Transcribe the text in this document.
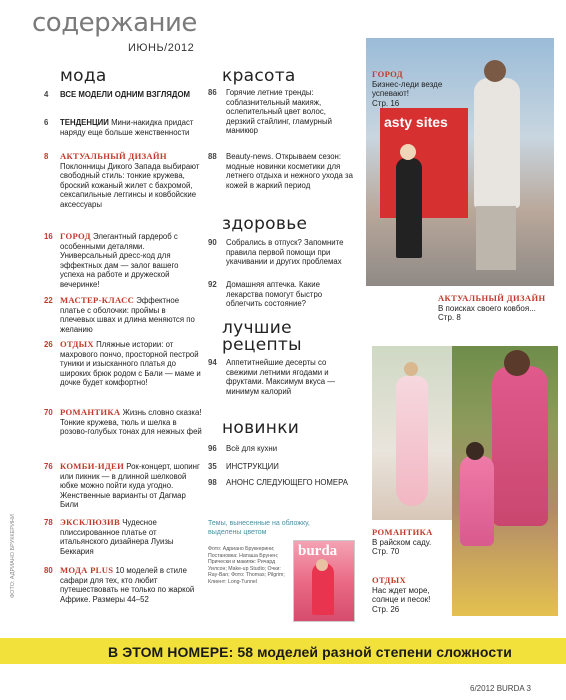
содержание
ИЮНЬ/2012
мода
4 ВСЕ МОДЕЛИ ОДНИМ ВЗГЛЯДОМ
6 ТЕНДЕНЦИИ Мини-накидка придаст наряду еще больше женственности
8 АКТУАЛЬНЫЙ ДИЗАЙН Поклонницы Дикого Запада выбирают свободный стиль: тонкие кружева, броский кожаный жилет с бахромой, сексапильные леггинсы и ковбойские аксессуары
16 ГОРОД Элегантный гардероб с особенными деталями. Универсальный дресс-код для эффектных дам — залог вашего успеха на работе и дружеской вечеринке!
22 МАСТЕР-КЛАСС Эффектное платье с оболочки: проймы в плечевых швах и длина меняются по желанию
26 ОТДЫХ Пляжные истории: от махрового пончо, просторной пестрой туники и изысканного платья до широких брюк родом с Бали — маме и дочке будет комфортно!
70 РОМАНТИКА Жизнь словно сказка! Тонкие кружева, тюль и шелка в розово-голубых тонах для нежных фей
76 КОМБИ-ИДЕИ Рок-концерт, шопинг или пикник — в длинной шелковой юбке можно пойти куда угодно. Женственные варианты от Дагмар Били
78 ЭКСКЛЮЗИВ Чудесное плиссированное платье от итальянского дизайнера Луизы Беккария
80 МОДА PLUS 10 моделей в стиле сафари для тех, кто любит путешествовать не только по жаркой Африке. Размеры 44–52
красота
здоровье
лучшие
рецепты
новинки
86 Горячие летние тренды: соблазнительный макияж, ослепительный цвет волос, дерзкий стайлинг, гламурный маникюр
88 Beauty-news. Открываем сезон: модные новинки косметики для летнего отдыха и нежного ухода за кожей в жаркий период
90 Собрались в отпуск? Запомните правила первой помощи при укачивании и других проблемах
92 Домашняя аптечка. Какие лекарства помогут быстро облегчить состояние?
94 Аппетитнейшие десерты со свежими летними ягодами и фруктами. Максимум вкуса — минимум калорий
96 Всё для кухни
35 ИНСТРУКЦИИ
98 АНОНС СЛЕДУЮЩЕГО НОМЕРА
Темы, вынесенные на обложку, выделены цветом
Фото: Адриано Бруккерини; Постановка: Наташа Брунен; Прически и макияж: Ричард Уилсон; Make-up Studio; Очки: Ray-Ban; Фото: Thomas; Pilgrim; Клиент: Long-Tunnel
burda
asty sites
ГОРОД
Бизнес-леди везде успевают!
Стр. 16
АКТУАЛЬНЫЙ ДИЗАЙН
В поисках своего ковбоя...
Стр. 8
РОМАНТИКА
В райском саду.
Стр. 70
ОТДЫХ
Нас ждет море, солнце и песок!
Стр. 26
ФОТО: АДРИАНО БРУККЕРИНИ
В ЭТОМ НОМЕРЕ: 58 моделей разной степени сложности
6/2012 BURDA 3
